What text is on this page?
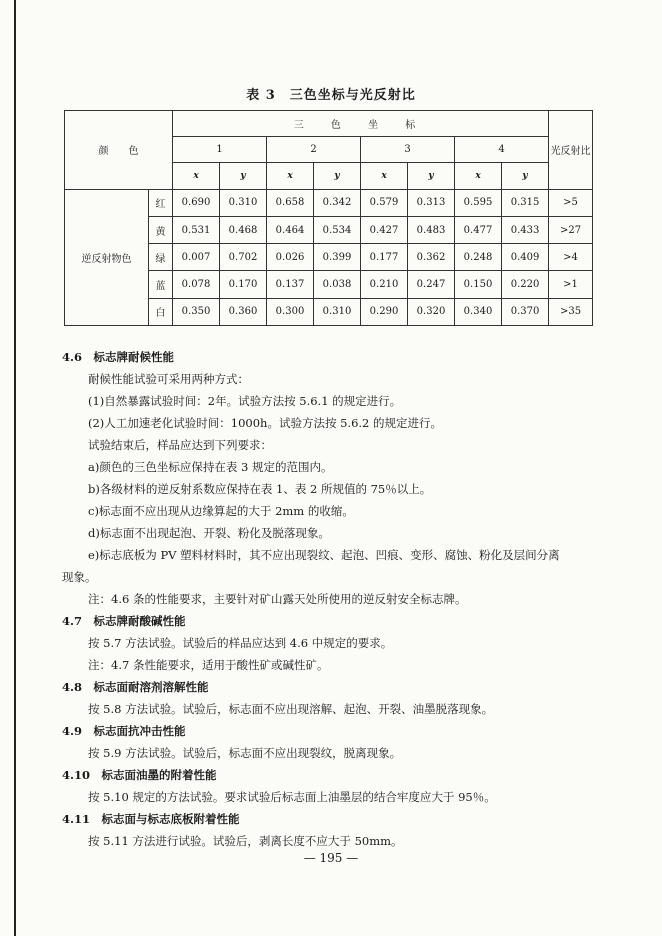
表 3　三色坐标与光反射比
颜　　色		三 色 坐 标								光反射比
		1		2		3		4		
		x	y	x	y	x	y	x	y	
逆反射物色	红	0.690	0.310	0.658	0.342	0.579	0.313	0.595	0.315	>5
	黄	0.531	0.468	0.464	0.534	0.427	0.483	0.477	0.433	>27
	绿	0.007	0.702	0.026	0.399	0.177	0.362	0.248	0.409	>4
	蓝	0.078	0.170	0.137	0.038	0.210	0.247	0.150	0.220	>1
	白	0.350	0.360	0.300	0.310	0.290	0.320	0.340	0.370	>35
4.6　标志牌耐候性能
耐候性能试验可采用两种方式：
(1)自然暴露试验时间：2年。试验方法按 5.6.1 的规定进行。
(2)人工加速老化试验时间：1000h。试验方法按 5.6.2 的规定进行。
试验结束后，样品应达到下列要求：
a)颜色的三色坐标应保持在表 3 规定的范围内。
b)各级材料的逆反射系数应保持在表 1、表 2 所规值的 75％以上。
c)标志面不应出现从边缘算起的大于 2mm 的收缩。
d)标志面不出现起泡、开裂、粉化及脱落现象。
e)标志底板为 PV 塑料材料时，其不应出现裂纹、起泡、凹痕、变形、腐蚀、粉化及层间分离
现象。
注：4.6 条的性能要求，主要针对矿山露天处所使用的逆反射安全标志牌。
4.7　标志牌耐酸碱性能
按 5.7 方法试验。试验后的样品应达到 4.6 中规定的要求。
注：4.7 条性能要求，适用于酸性矿或碱性矿。
4.8　标志面耐溶剂溶解性能
按 5.8 方法试验。试验后，标志面不应出现溶解、起泡、开裂、油墨脱落现象。
4.9　标志面抗冲击性能
按 5.9 方法试验。试验后，标志面不应出现裂纹，脱离现象。
4.10　标志面油墨的附着性能
按 5.10 规定的方法试验。要求试验后标志面上油墨层的结合牢度应大于 95％。
4.11　标志面与标志底板附着性能
按 5.11 方法进行试验。试验后，剥离长度不应大于 50mm。
— 195 —
